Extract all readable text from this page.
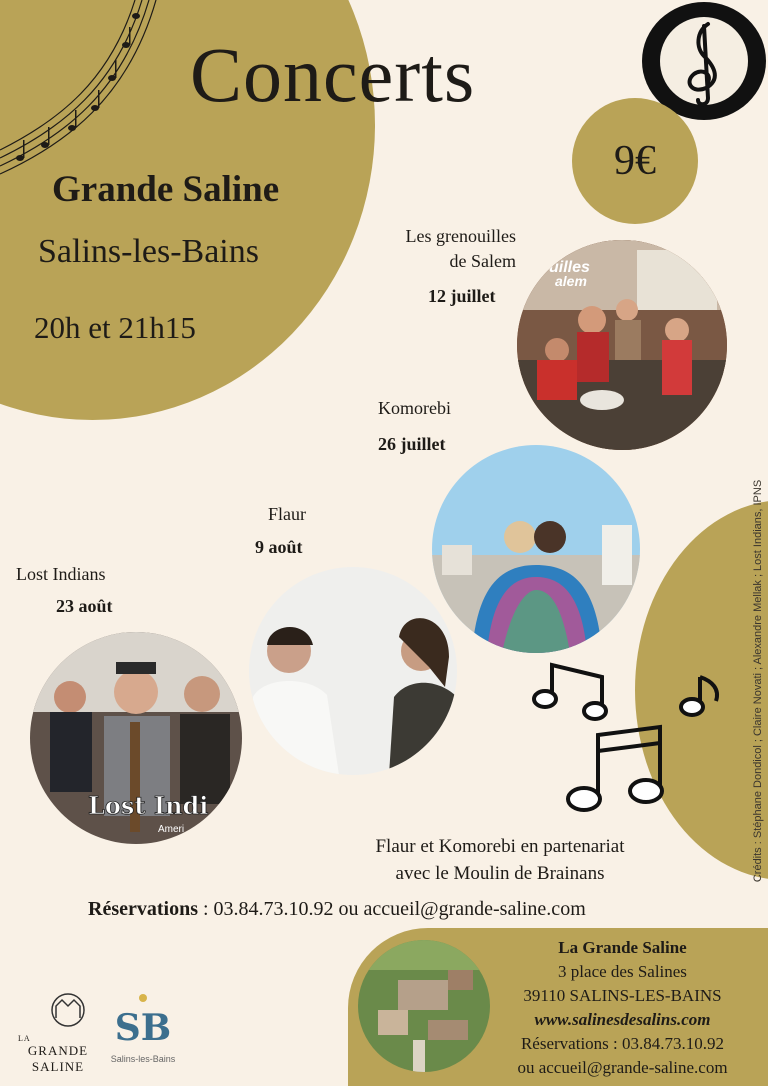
Concerts
Grande Saline
Salins-les-Bains
20h et 21h15
9€
Les grenouilles
de Salem
12 juillet
uilles
alem
Komorebi
26 juillet
Flaur
9 août
Lost Indians
23 août
Lost Indi
Ameri
Flaur et Komorebi en partenariat
avec le Moulin de Brainans
Réservations : 03.84.73.10.92 ou accueil@grande-saline.com
La Grande Saline
3 place des Salines
39110 SALINS-LES-BAINS
www.salinesdesalins.com
Réservations : 03.84.73.10.92
ou accueil@grande-saline.com
Crédits : Stéphane Dondicol ; Claire Novati ; Alexandre Mellak ; Lost Indians, IPNS
LA
GRANDE
SALINE
SB
Salins-les-Bains
